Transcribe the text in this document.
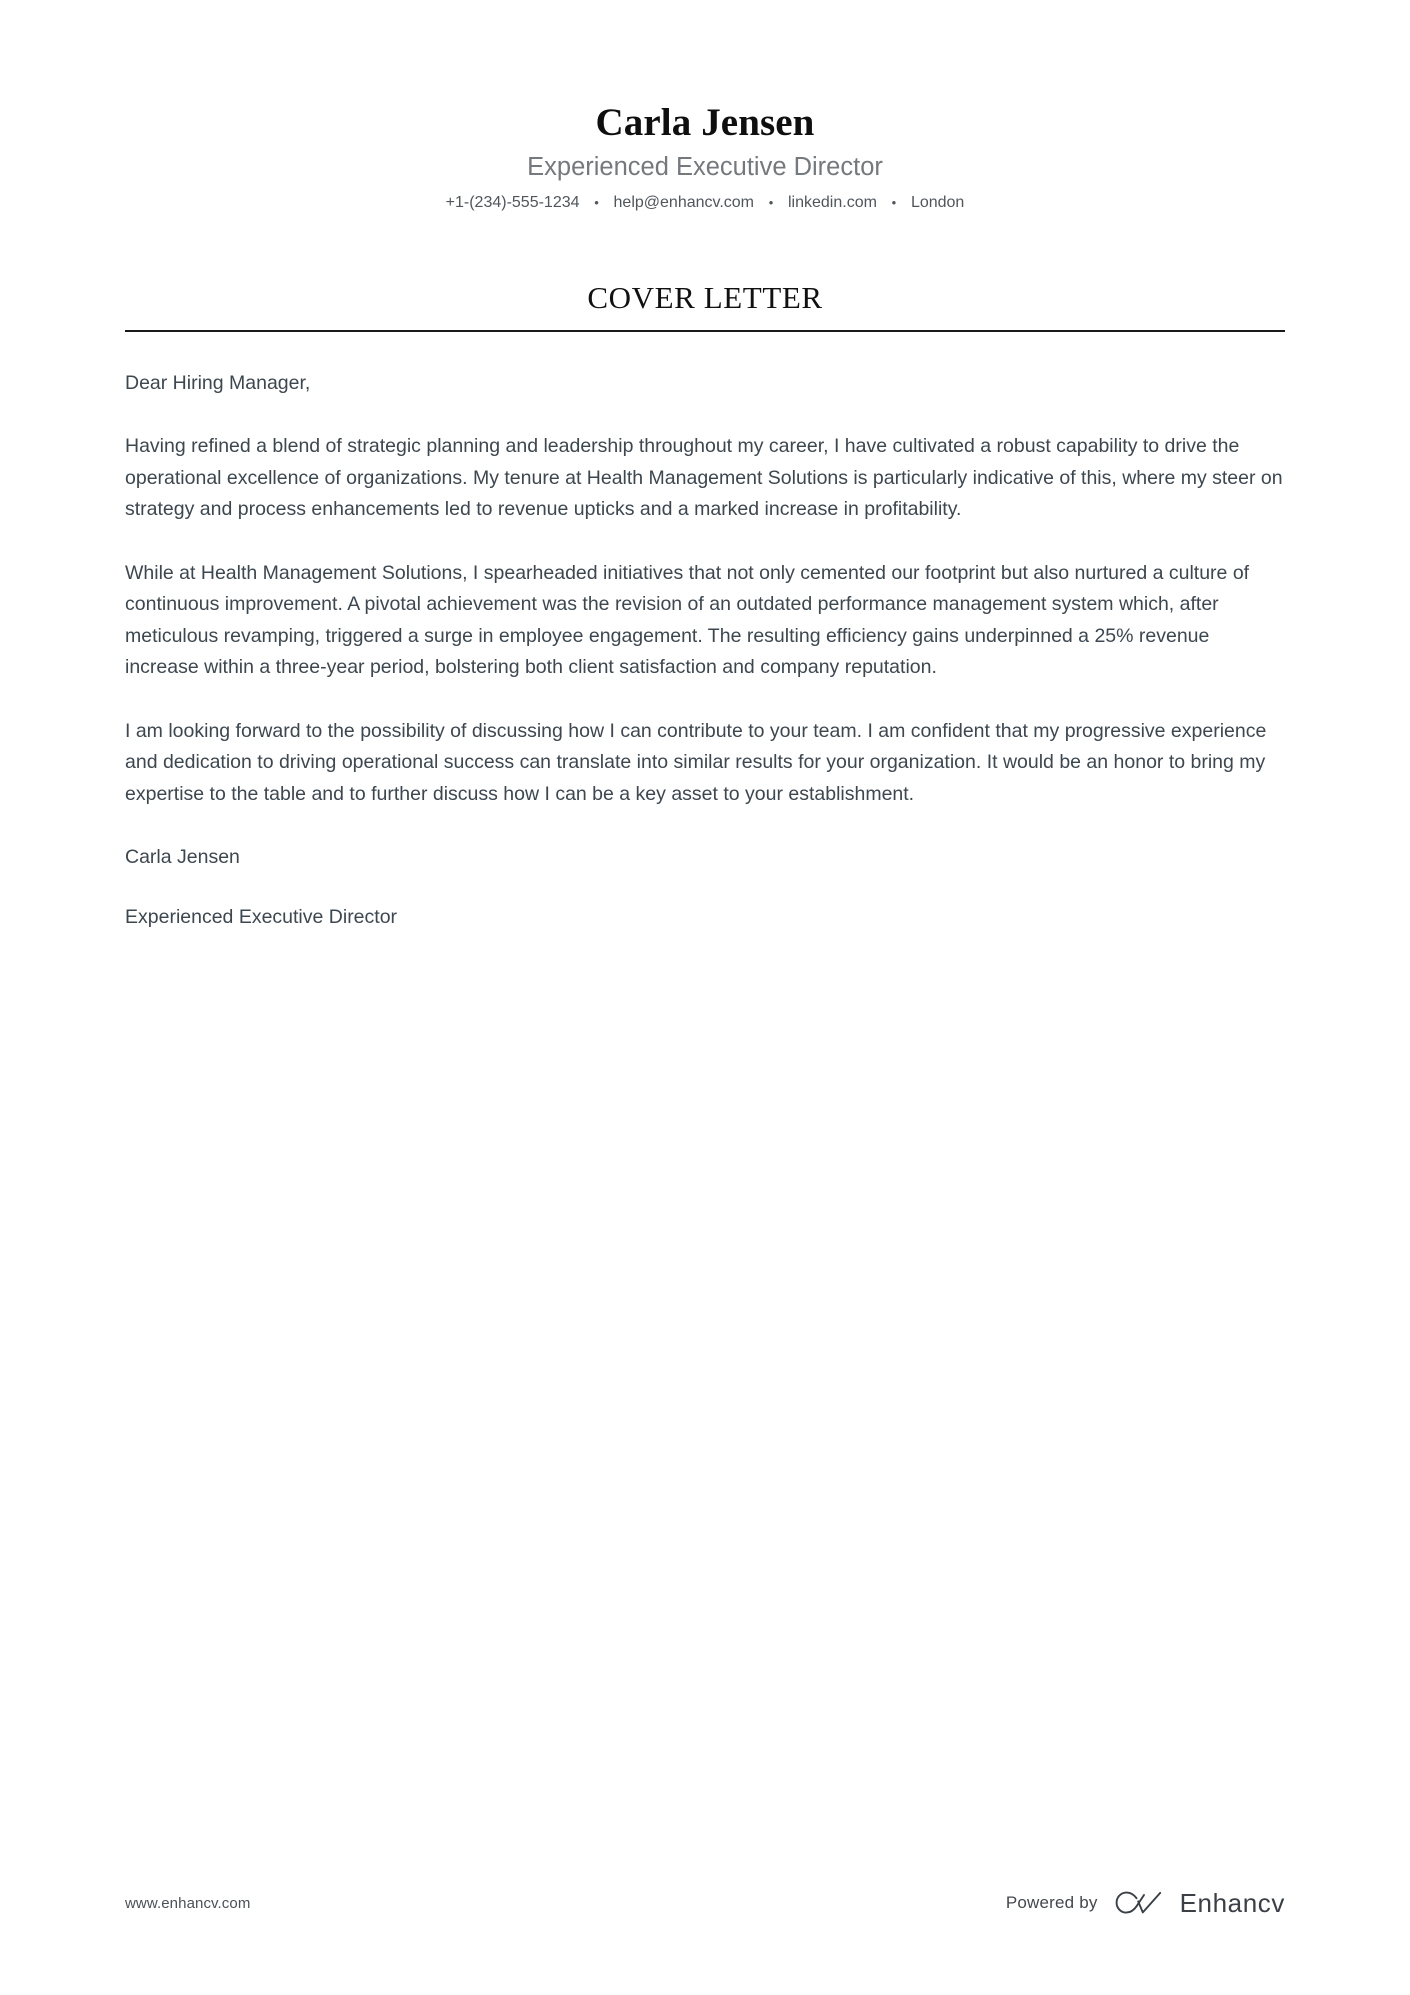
Carla Jensen
Experienced Executive Director
+1-(234)-555-1234	• help@enhancv.com	• linkedin.com	• London
COVER LETTER

Dear Hiring Manager,

Having refined a blend of strategic planning and leadership throughout my career, I have cultivated a robust capability to drive the operational excellence of organizations. My tenure at Health Management Solutions is particularly indicative of this, where my steer on strategy and process enhancements led to revenue upticks and a marked increase in profitability.

While at Health Management Solutions, I spearheaded initiatives that not only cemented our footprint but also nurtured a culture of continuous improvement. A pivotal achievement was the revision of an outdated performance management system which, after meticulous revamping, triggered a surge in employee engagement. The resulting efficiency gains underpinned a 25% revenue increase within a three-year period, bolstering both client satisfaction and company reputation.

I am looking forward to the possibility of discussing how I can contribute to your team. I am confident that my progressive experience and dedication to driving operational success can translate into similar results for your organization. It would be an honor to bring my expertise to the table and to further discuss how I can be a key asset to your establishment.

Carla Jensen

Experienced Executive Director

www.enhancv.com	Powered by	Enhancv
